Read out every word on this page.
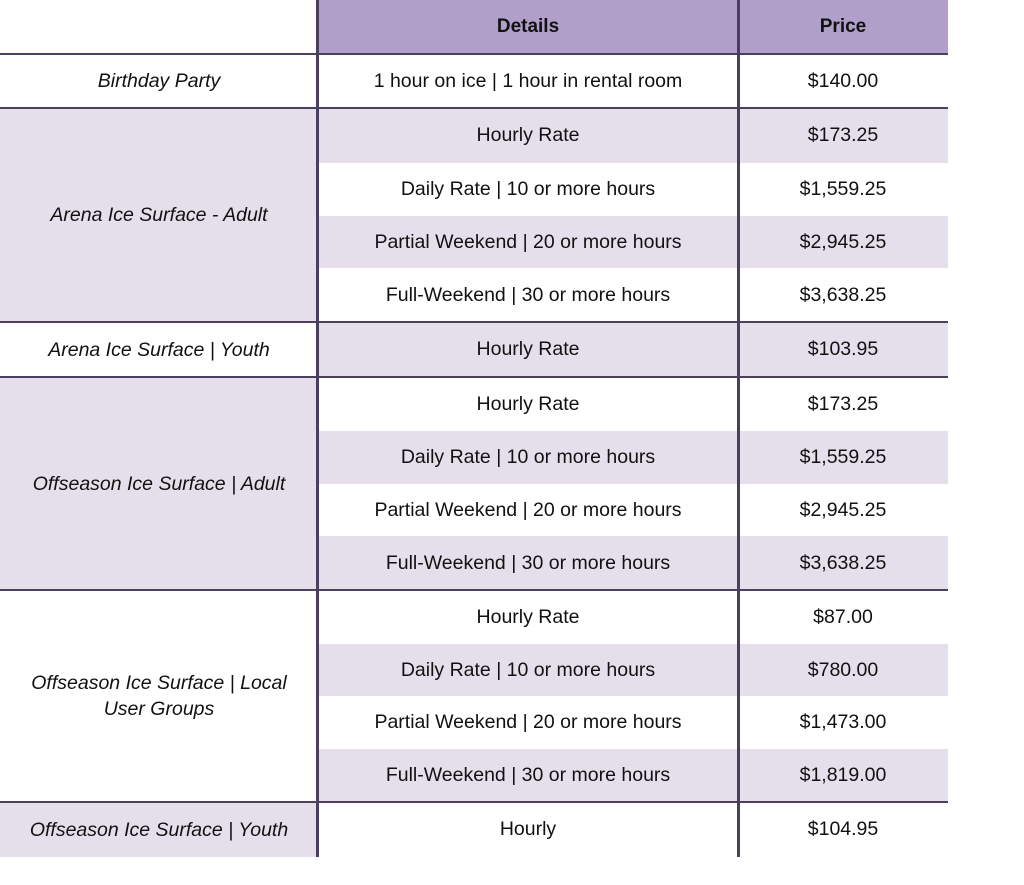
Details	Price
Birthday Party	1 hour on ice | 1 hour in rental room	$140.00
Arena Ice Surface - Adult
Hourly Rate	$173.25
Daily Rate | 10 or more hours	$1,559.25
Partial Weekend | 20 or more hours	$2,945.25
Full-Weekend | 30 or more hours	$3,638.25
Arena Ice Surface | Youth	Hourly Rate	$103.95
Offseason Ice Surface | Adult
Hourly Rate	$173.25
Daily Rate | 10 or more hours	$1,559.25
Partial Weekend | 20 or more hours	$2,945.25
Full-Weekend | 30 or more hours	$3,638.25
Offseason Ice Surface | Local User Groups
Hourly Rate	$87.00
Daily Rate | 10 or more hours	$780.00
Partial Weekend | 20 or more hours	$1,473.00
Full-Weekend | 30 or more hours	$1,819.00
Offseason Ice Surface | Youth	Hourly	$104.95
